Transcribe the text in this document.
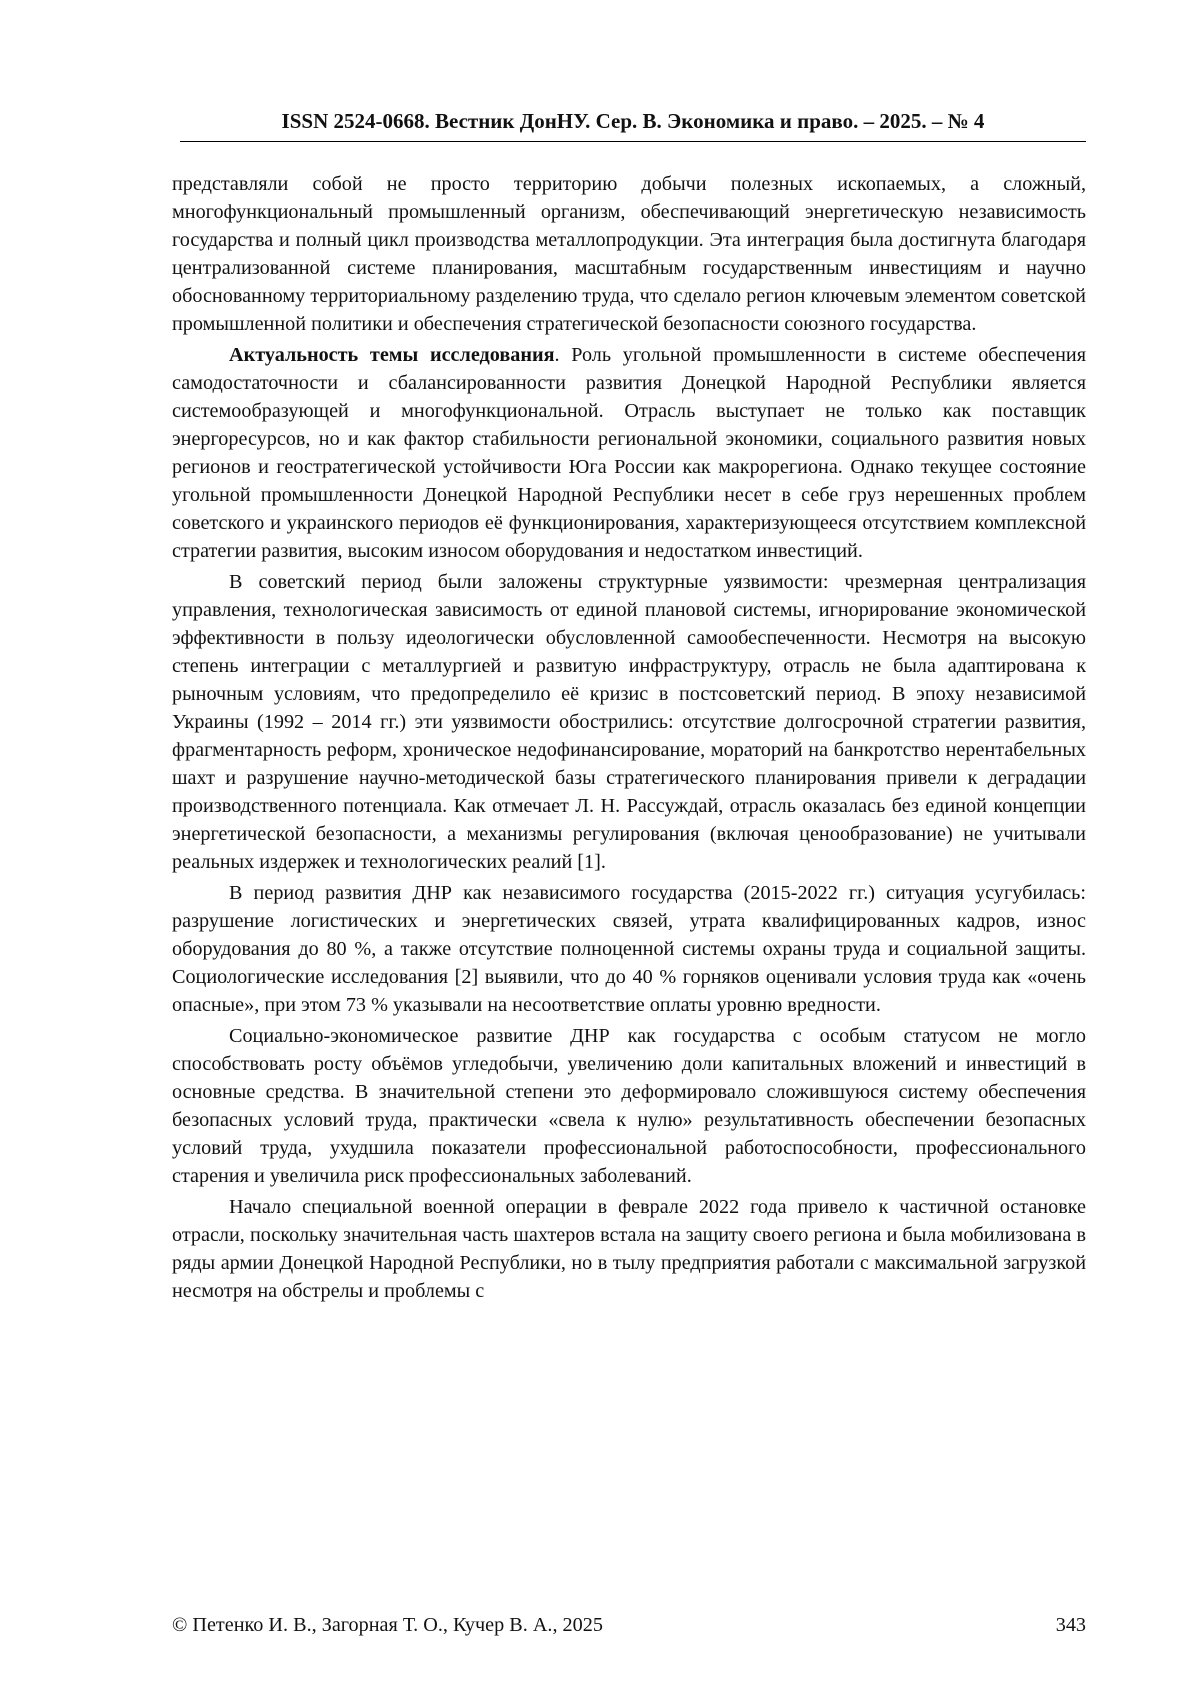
ISSN 2524-0668. Вестник ДонНУ. Сер. В. Экономика и право. – 2025. – № 4

представляли собой не просто территорию добычи полезных ископаемых, а сложный, многофункциональный промышленный организм, обеспечивающий энергетическую независимость государства и полный цикл производства металлопродукции. Эта интеграция была достигнута благодаря централизованной системе планирования, масштабным государственным инвестициям и научно обоснованному территориальному разделению труда, что сделало регион ключевым элементом советской промышленной политики и обеспечения стратегической безопасности союзного государства.

Актуальность темы исследования. Роль угольной промышленности в системе обеспечения самодостаточности и сбалансированности развития Донецкой Народной Республики является системообразующей и многофункциональной. Отрасль выступает не только как поставщик энергоресурсов, но и как фактор стабильности региональной экономики, социального развития новых регионов и геостратегической устойчивости Юга России как макрорегиона. Однако текущее состояние угольной промышленности Донецкой Народной Республики несет в себе груз нерешенных проблем советского и украинского периодов её функционирования, характеризующееся отсутствием комплексной стратегии развития, высоким износом оборудования и недостатком инвестиций.

В советский период были заложены структурные уязвимости: чрезмерная централизация управления, технологическая зависимость от единой плановой системы, игнорирование экономической эффективности в пользу идеологически обусловленной самообеспеченности. Несмотря на высокую степень интеграции с металлургией и развитую инфраструктуру, отрасль не была адаптирована к рыночным условиям, что предопределило её кризис в постсоветский период. В эпоху независимой Украины (1992 – 2014 гг.) эти уязвимости обострились: отсутствие долгосрочной стратегии развития, фрагментарность реформ, хроническое недофинансирование, мораторий на банкротство нерентабельных шахт и разрушение научно-методической базы стратегического планирования привели к деградации производственного потенциала. Как отмечает Л. Н. Рассуждай, отрасль оказалась без единой концепции энергетической безопасности, а механизмы регулирования (включая ценообразование) не учитывали реальных издержек и технологических реалий [1].

В период развития ДНР как независимого государства (2015-2022 гг.) ситуация усугубилась: разрушение логистических и энергетических связей, утрата квалифицированных кадров, износ оборудования до 80 %, а также отсутствие полноценной системы охраны труда и социальной защиты. Социологические исследования [2] выявили, что до 40 % горняков оценивали условия труда как «очень опасные», при этом 73 % указывали на несоответствие оплаты уровню вредности.

Социально-экономическое развитие ДНР как государства с особым статусом не могло способствовать росту объёмов угледобычи, увеличению доли капитальных вложений и инвестиций в основные средства. В значительной степени это деформировало сложившуюся систему обеспечения безопасных условий труда, практически «свела к нулю» результативность обеспечении безопасных условий труда, ухудшила показатели профессиональной работоспособности, профессионального старения и увеличила риск профессиональных заболеваний.

Начало специальной военной операции в феврале 2022 года привело к частичной остановке отрасли, поскольку значительная часть шахтеров встала на защиту своего региона и была мобилизована в ряды армии Донецкой Народной Республики, но в тылу предприятия работали с максимальной загрузкой несмотря на обстрелы и проблемы с

© Петенко И. В., Загорная Т. О., Кучер В. А., 2025	343
